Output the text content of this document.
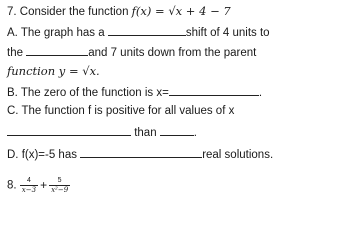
7. Consider the function f(x) = √x + 4 − 7
A. The graph has a	shift of 4 units to
the	and 7 units down from the parent
function y = √x.
B. The zero of the function is x=	.
C. The function f is positive for all values of x
than	.
D. f(x)=-5 has	real solutions.
8. $\frac{4}{x-3} + \frac{5}{\text{x²−9}}$
